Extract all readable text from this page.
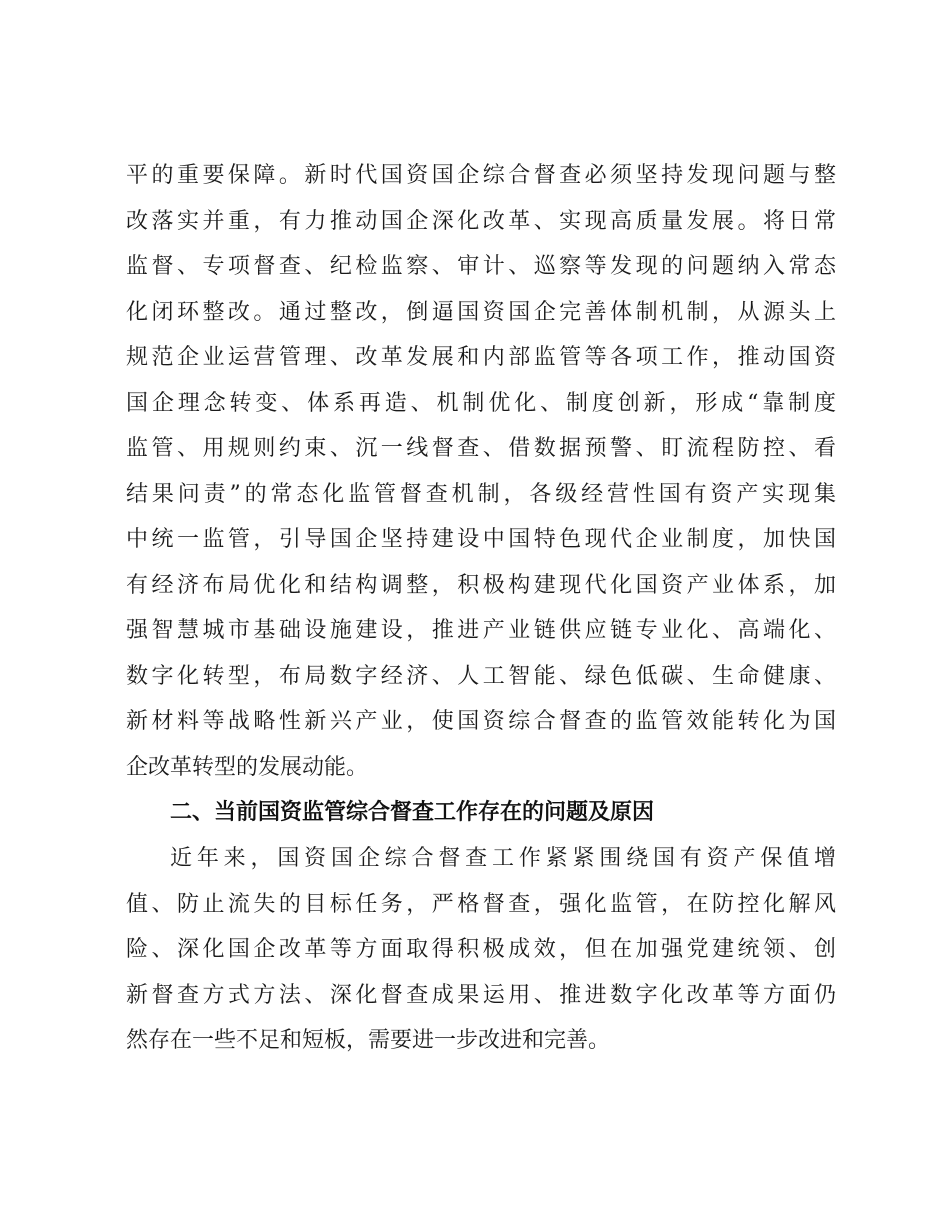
平的重要保障。新时代国资国企综合督查必须坚持发现问题与整
改落实并重，有力推动国企深化改革、实现高质量发展。将日常
监督、专项督查、纪检监察、审计、巡察等发现的问题纳入常态
化闭环整改。通过整改，倒逼国资国企完善体制机制，从源头上
规范企业运营管理、改革发展和内部监管等各项工作，推动国资
国企理念转变、体系再造、机制优化、制度创新，形成“靠制度
监管、用规则约束、沉一线督查、借数据预警、盯流程防控、看
结果问责”的常态化监管督查机制，各级经营性国有资产实现集
中统一监管，引导国企坚持建设中国特色现代企业制度，加快国
有经济布局优化和结构调整，积极构建现代化国资产业体系，加
强智慧城市基础设施建设，推进产业链供应链专业化、高端化、
数字化转型，布局数字经济、人工智能、绿色低碳、生命健康、
新材料等战略性新兴产业，使国资综合督查的监管效能转化为国
企改革转型的发展动能。
二、当前国资监管综合督查工作存在的问题及原因
近年来，国资国企综合督查工作紧紧围绕国有资产保值增
值、防止流失的目标任务，严格督查，强化监管，在防控化解风
险、深化国企改革等方面取得积极成效，但在加强党建统领、创
新督查方式方法、深化督查成果运用、推进数字化改革等方面仍
然存在一些不足和短板，需要进一步改进和完善。
